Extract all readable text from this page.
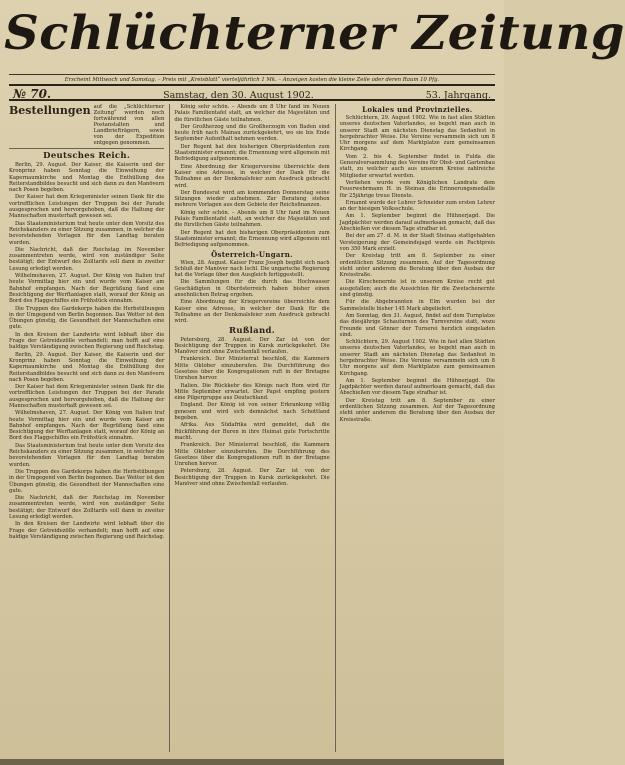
Schlüchterner Zeitung
Erscheint Mittwoch und Samstag. – Preis mit „Kreisblatt“ vierteljährlich 1 Mk. – Anzeigen kosten die kleine Zeile oder deren Raum 10 Pfg.
№ 70.	Samstag, den 30. August 1902.	53. Jahrgang.
Bestellungen auf die „Schlüchterner Zeitung“ werden noch fortwährend von allen Postanstalten und Landbriefträgern, sowie von der Expedition entgegen genommen.
Deutsches Reich.

Berlin, 29. August. Der Kaiser, die Kaiserin und der Kronprinz haben Sonntag die Einweihung der Kapernaumkirche und Montag die Enthüllung des Reiterstandbildes besucht und sich dann zu den Manövern nach Posen begeben.

Der Kaiser hat dem Kriegsminister seinen Dank für die vortrefflichen Leistungen der Truppen bei der Parade ausgesprochen und hervorgehoben, daß die Haltung der Mannschaften musterhaft gewesen sei.

Das Staatsministerium trat heute unter dem Vorsitz des Reichskanzlers zu einer Sitzung zusammen, in welcher die bevorstehenden Vorlagen für den Landtag beraten wurden.

Die Nachricht, daß der Reichstag im November zusammentreten werde, wird von zuständiger Seite bestätigt; der Entwurf des Zolltarifs soll dann in zweiter Lesung erledigt werden.

Wilhelmshaven, 27. August. Der König von Italien traf heute Vormittag hier ein und wurde vom Kaiser am Bahnhof empfangen. Nach der Begrüßung fand eine Besichtigung der Werftanlagen statt, worauf der König an Bord des Flaggschiffes ein Frühstück einnahm.

Die Truppen des Gardekorps haben die Herbstübungen in der Umgegend von Berlin begonnen. Das Wetter ist den Übungen günstig, die Gesundheit der Mannschaften eine gute.

In den Kreisen der Landwirte wird lebhaft über die Frage der Getreidezölle verhandelt; man hofft auf eine baldige Verständigung zwischen Regierung und Reichstag.

Berlin, 29. August. Der Kaiser, die Kaiserin und der Kronprinz haben Sonntag die Einweihung der Kapernaumkirche und Montag die Enthüllung des Reiterstandbildes besucht und sich dann zu den Manövern nach Posen begeben.

Der Kaiser hat dem Kriegsminister seinen Dank für die vortrefflichen Leistungen der Truppen bei der Parade ausgesprochen und hervorgehoben, daß die Haltung der Mannschaften musterhaft gewesen sei.

Wilhelmshaven, 27. August. Der König von Italien traf heute Vormittag hier ein und wurde vom Kaiser am Bahnhof empfangen. Nach der Begrüßung fand eine Besichtigung der Werftanlagen statt, worauf der König an Bord des Flaggschiffes ein Frühstück einnahm.

Das Staatsministerium trat heute unter dem Vorsitz des Reichskanzlers zu einer Sitzung zusammen, in welcher die bevorstehenden Vorlagen für den Landtag beraten wurden.

Die Truppen des Gardekorps haben die Herbstübungen in der Umgegend von Berlin begonnen. Das Wetter ist den Übungen günstig, die Gesundheit der Mannschaften eine gute.

Die Nachricht, daß der Reichstag im November zusammentreten werde, wird von zuständiger Seite bestätigt; der Entwurf des Zolltarifs soll dann in zweiter Lesung erledigt werden.

In den Kreisen der Landwirte wird lebhaft über die Frage der Getreidezölle verhandelt; man hofft auf eine baldige Verständigung zwischen Regierung und Reichstag.

König sehr schön. – Abends um 8 Uhr fand im Neuen Palais Familientafel statt, an welcher die Majestäten und die fürstlichen Gäste teilnahmen.

Der Großherzog und die Großherzogin von Baden sind heute früh nach Mainau zurückgekehrt, wo sie bis Ende September Aufenthalt nehmen werden.

Der Regent hat den bisherigen Oberpräsidenten zum Staatsminister ernannt; die Ernennung wird allgemein mit Befriedigung aufgenommen.

Eine Abordnung der Kriegervereine überreichte dem Kaiser eine Adresse, in welcher der Dank für die Teilnahme an der Denkmalsfeier zum Ausdruck gebracht wird.

Der Bundesrat wird am kommenden Donnerstag seine Sitzungen wieder aufnehmen. Zur Beratung stehen mehrere Vorlagen aus dem Gebiete der Reichsfinanzen.

König sehr schön. – Abends um 8 Uhr fand im Neuen Palais Familientafel statt, an welcher die Majestäten und die fürstlichen Gäste teilnahmen.

Der Regent hat den bisherigen Oberpräsidenten zum Staatsminister ernannt; die Ernennung wird allgemein mit Befriedigung aufgenommen.

Österreich-Ungarn.

Wien, 28. August. Kaiser Franz Joseph begibt sich nach Schluß der Manöver nach Ischl. Die ungarische Regierung hat die Vorlage über den Ausgleich fertiggestellt.

Die Sammlungen für die durch das Hochwasser Geschädigten in Oberösterreich haben bisher einen ansehnlichen Betrag ergeben.

Eine Abordnung der Kriegervereine überreichte dem Kaiser eine Adresse, in welcher der Dank für die Teilnahme an der Denkmalsfeier zum Ausdruck gebracht wird.

Rußland.

Petersburg, 28. August. Der Zar ist von der Besichtigung der Truppen in Kursk zurückgekehrt. Die Manöver sind ohne Zwischenfall verlaufen.

Frankreich. Der Ministerrat beschloß, die Kammern Mitte Oktober einzuberufen. Die Durchführung des Gesetzes über die Kongregationen ruft in der Bretagne Unruhen hervor.

Italien. Die Rückkehr des Königs nach Rom wird für Mitte September erwartet. Der Papst empfing gestern eine Pilgergruppe aus Deutschland.

England. Der König ist von seiner Erkrankung völlig genesen und wird sich demnächst nach Schottland begeben.

Afrika. Aus Südafrika wird gemeldet, daß die Rückführung der Buren in ihre Heimat gute Fortschritte macht.

Frankreich. Der Ministerrat beschloß, die Kammern Mitte Oktober einzuberufen. Die Durchführung des Gesetzes über die Kongregationen ruft in der Bretagne Unruhen hervor.

Petersburg, 28. August. Der Zar ist von der Besichtigung der Truppen in Kursk zurückgekehrt. Die Manöver sind ohne Zwischenfall verlaufen.

Lokales und Provinzielles.

Schlüchtern, 29. August 1902. Wie in fast allen Städten unseres deutschen Vaterlandes, so begeht man auch in unserer Stadt am nächsten Dienstag das Sedanfest in hergebrachter Weise. Die Vereine versammeln sich um 8 Uhr morgens auf dem Marktplatze zum gemeinsamen Kirchgang.

Vom 2. bis 4. September findet in Fulda die Generalversammlung des Vereins für Obst- und Gartenbau statt, zu welcher auch aus unserem Kreise zahlreiche Mitglieder erwartet werden.

Verliehen wurde vom Königlichen Landrate dem Feuerwehrmann H. in Steinau die Erinnerungsmedaille für 25jährige treue Dienste.

Ernannt wurde der Lehrer Schneider zum ersten Lehrer an der hiesigen Volksschule.

Am 1. September beginnt die Hühnerjagd. Die Jagdpächter werden darauf aufmerksam gemacht, daß das Abschießen vor diesem Tage strafbar ist.

Bei der am 27. d. M. in der Stadt Steinau stattgehabten Versteigerung der Gemeindejagd wurde ein Pachtpreis von 350 Mark erzielt.

Der Kreistag tritt am 8. September zu einer ordentlichen Sitzung zusammen. Auf der Tagesordnung steht unter anderem die Beratung über den Ausbau der Kreisstraße.

Die Kirschenernte ist in unserem Kreise recht gut ausgefallen; auch die Aussichten für die Zwetschenernte sind günstig.

Für die Abgebrannten in Elm wurden bei der Sammelstelle bisher 145 Mark abgeliefert.

Am Sonntag, den 31. August, findet auf dem Turnplatze das diesjährige Schauturnen des Turnvereins statt, wozu Freunde und Gönner der Turnerei herzlich eingeladen sind.

Schlüchtern, 29. August 1902. Wie in fast allen Städten unseres deutschen Vaterlandes, so begeht man auch in unserer Stadt am nächsten Dienstag das Sedanfest in hergebrachter Weise. Die Vereine versammeln sich um 8 Uhr morgens auf dem Marktplatze zum gemeinsamen Kirchgang.

Am 1. September beginnt die Hühnerjagd. Die Jagdpächter werden darauf aufmerksam gemacht, daß das Abschießen vor diesem Tage strafbar ist.

Der Kreistag tritt am 8. September zu einer ordentlichen Sitzung zusammen. Auf der Tagesordnung steht unter anderem die Beratung über den Ausbau der Kreisstraße.
